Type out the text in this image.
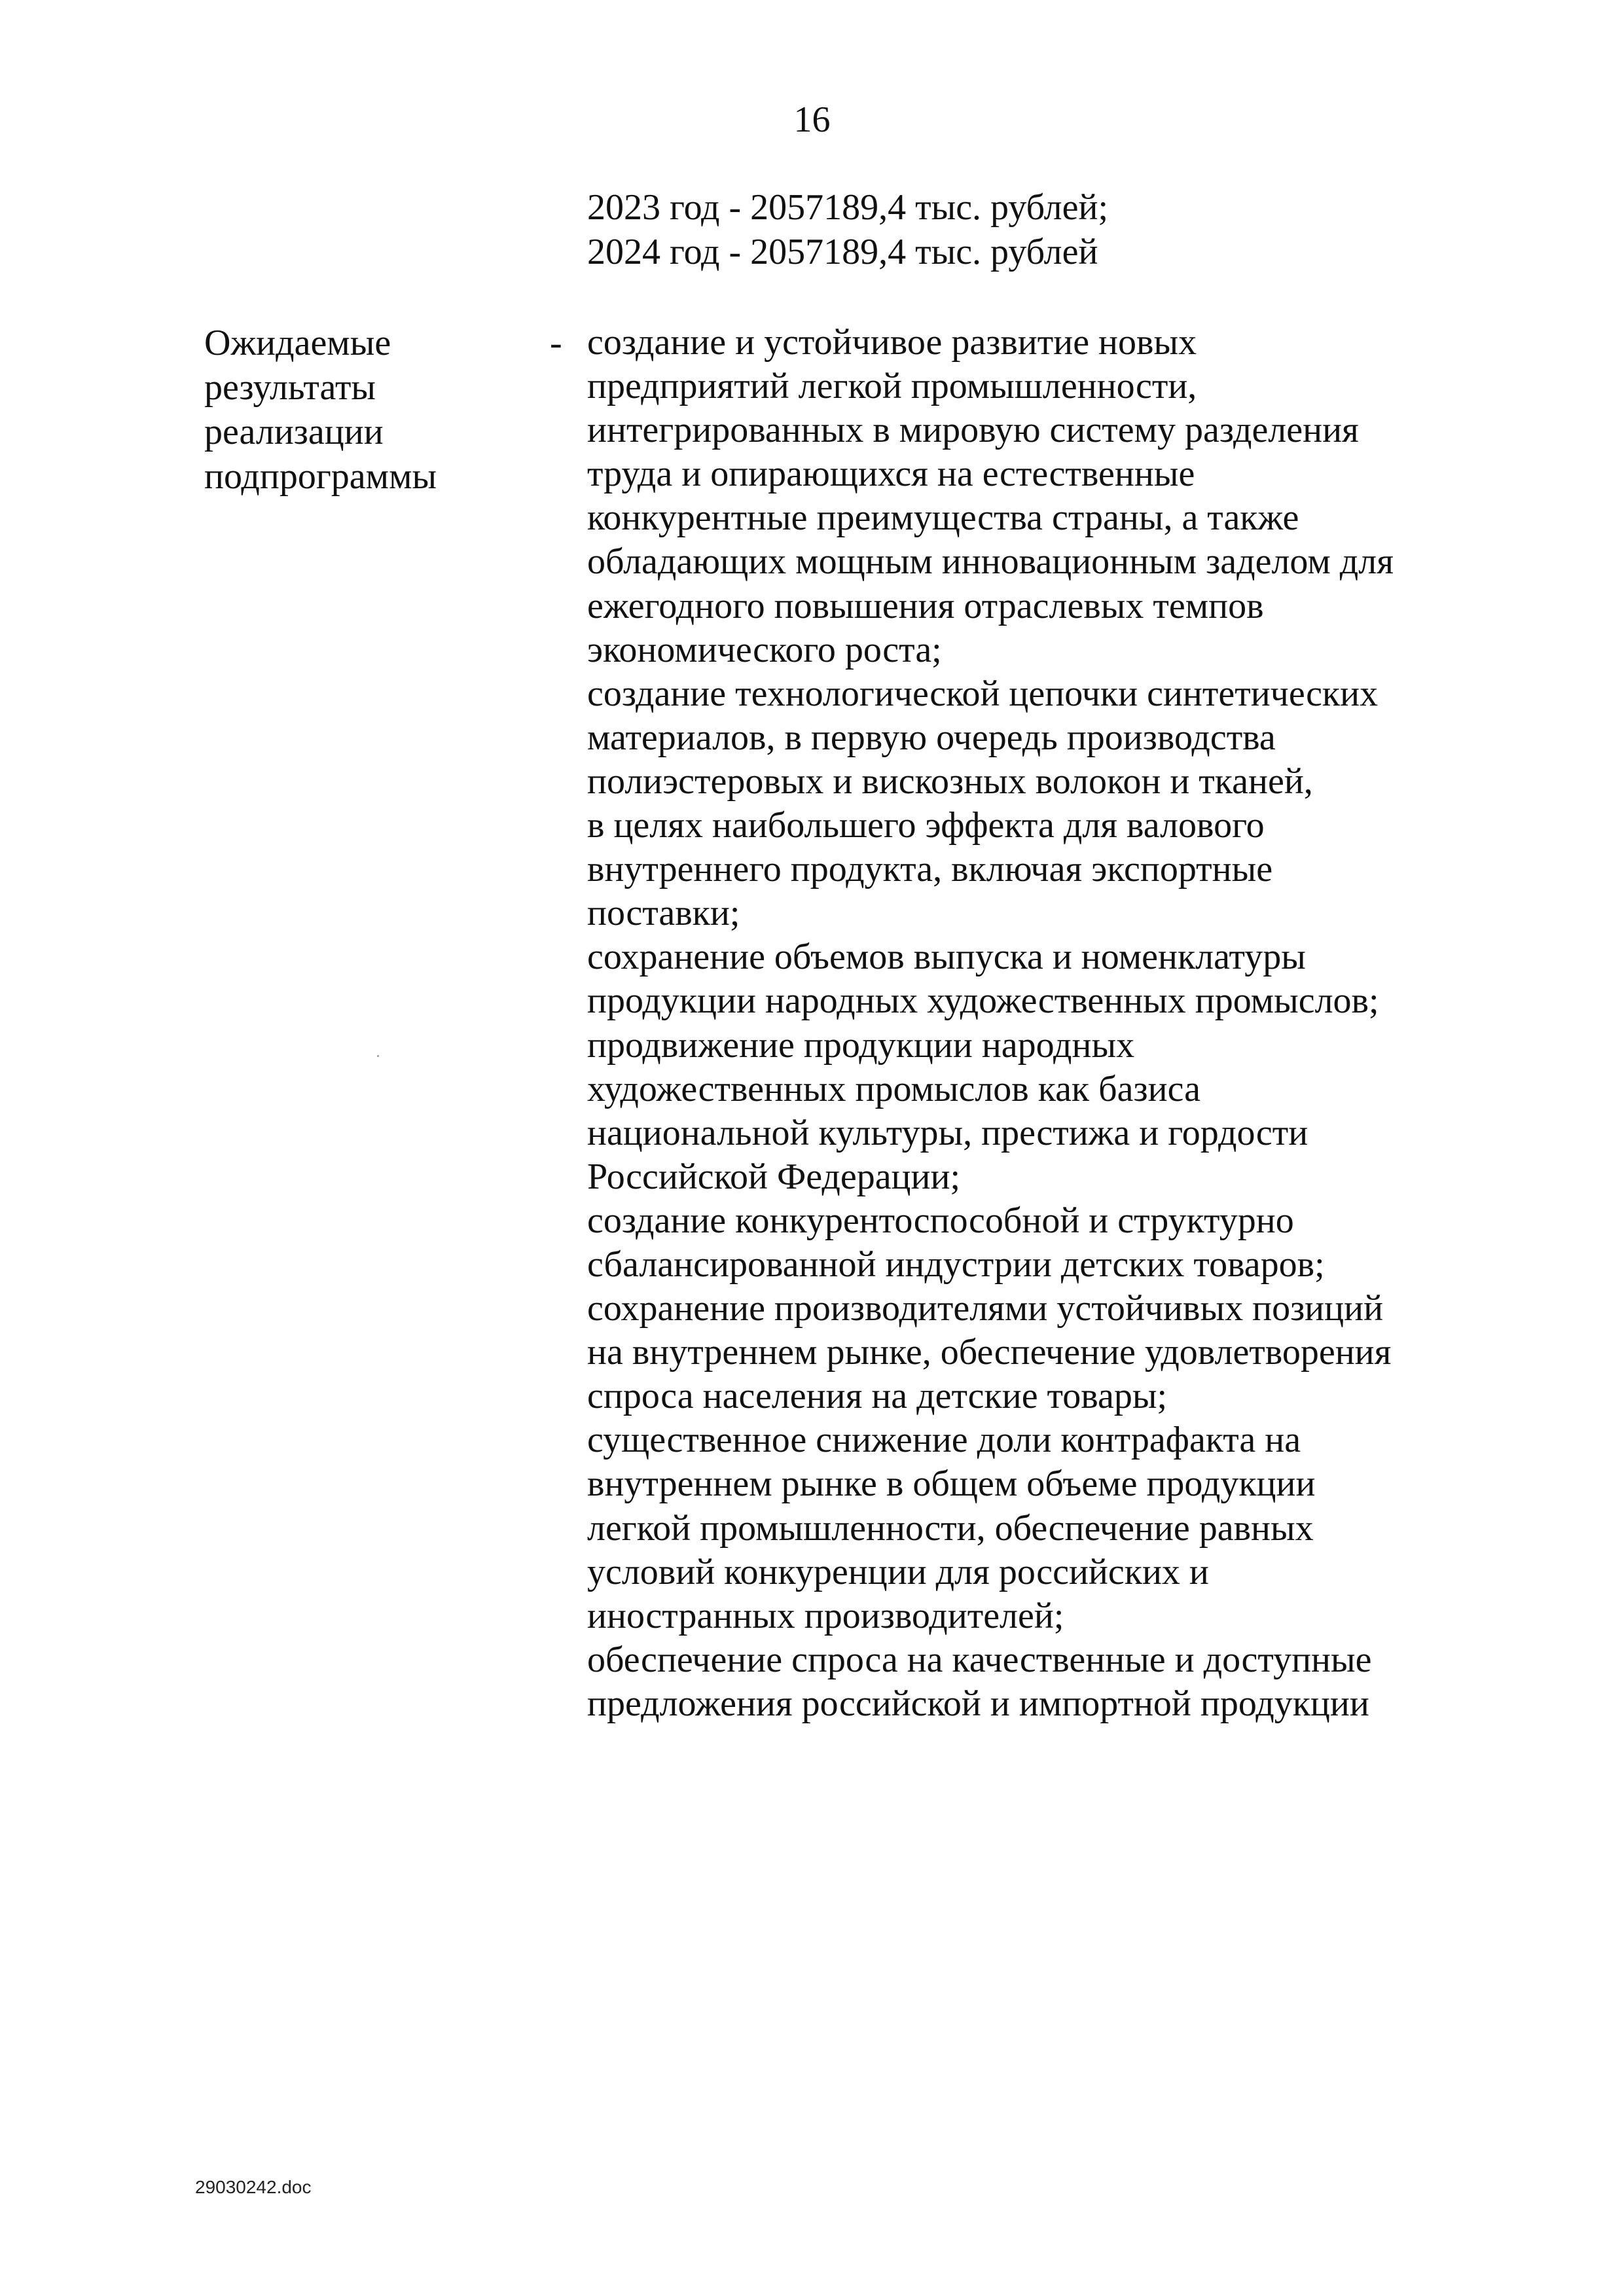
16
2023 год - 2057189,4 тыс. рублей;
2024 год - 2057189,4 тыс. рублей
Ожидаемые
результаты
реализации
подпрограммы
- создание и устойчивое развитие новых
предприятий легкой промышленности,
интегрированных в мировую систему разделения
труда и опирающихся на естественные
конкурентные преимущества страны, а также
обладающих мощным инновационным заделом для
ежегодного повышения отраслевых темпов
экономического роста;
создание технологической цепочки синтетических
материалов, в первую очередь производства
полиэстеровых и вискозных волокон и тканей,
в целях наибольшего эффекта для валового
внутреннего продукта, включая экспортные
поставки;
сохранение объемов выпуска и номенклатуры
продукции народных художественных промыслов;
продвижение продукции народных
художественных промыслов как базиса
национальной культуры, престижа и гордости
Российской Федерации;
создание конкурентоспособной и структурно
сбалансированной индустрии детских товаров;
сохранение производителями устойчивых позиций
на внутреннем рынке, обеспечение удовлетворения
спроса населения на детские товары;
существенное снижение доли контрафакта на
внутреннем рынке в общем объеме продукции
легкой промышленности, обеспечение равных
условий конкуренции для российских и
иностранных производителей;
обеспечение спроса на качественные и доступные
предложения российской и импортной продукции
29030242.doc
